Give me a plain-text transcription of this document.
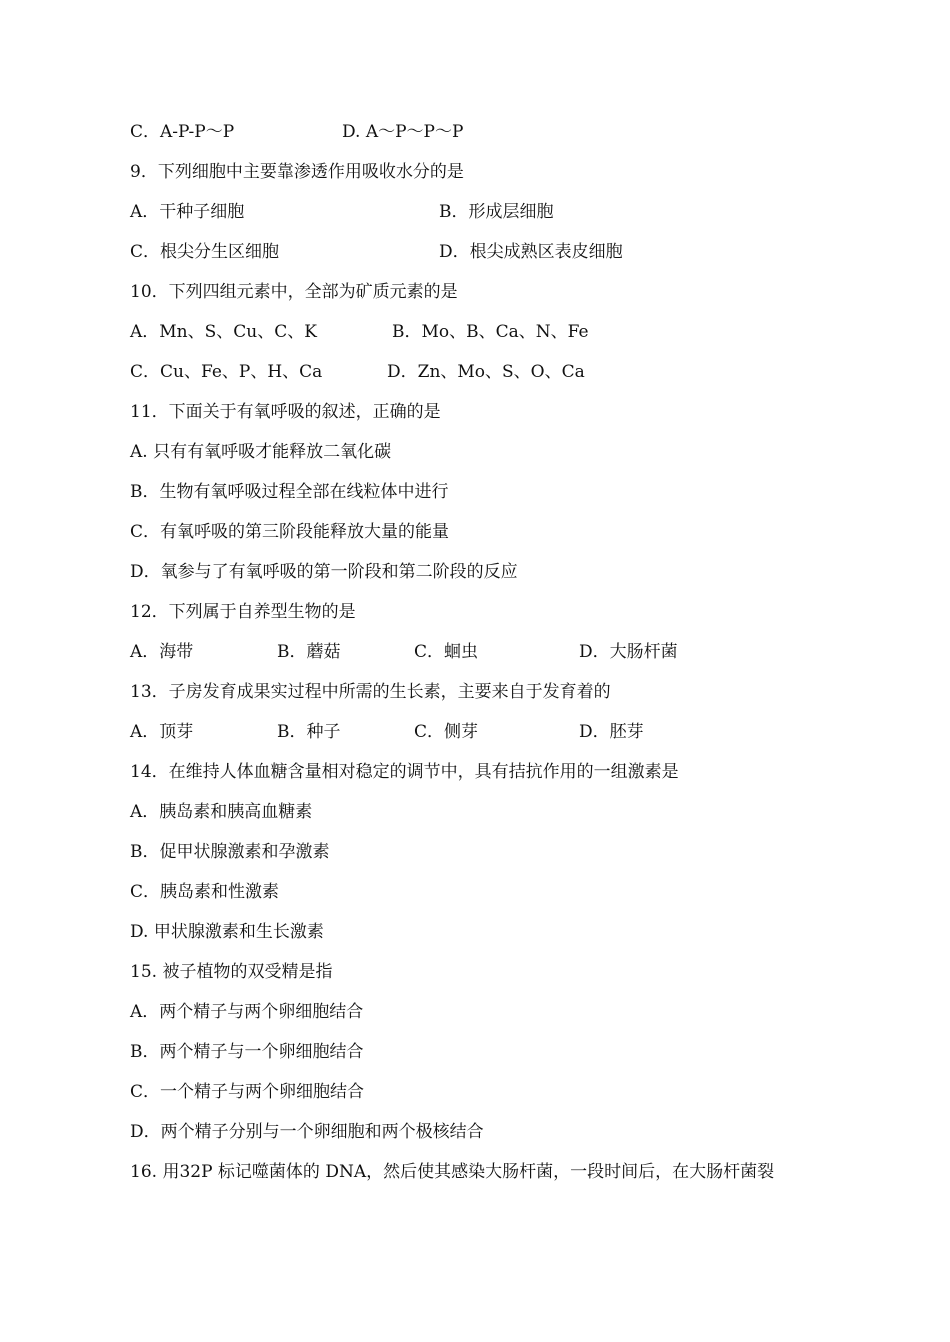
C．A-P-P～P	D. A～P～P～P
9．下列细胞中主要靠渗透作用吸收水分的是
A．干种子细胞	B．形成层细胞
C．根尖分生区细胞	D．根尖成熟区表皮细胞
10．下列四组元素中，全部为矿质元素的是
A．Mn、S、Cu、C、K	B．Mo、B、Ca、N、Fe
C．Cu、Fe、P、H、Ca	D．Zn、Mo、S、O、Ca
11．下面关于有氧呼吸的叙述，正确的是
A. 只有有氧呼吸才能释放二氧化碳
B．生物有氧呼吸过程全部在线粒体中进行
C．有氧呼吸的第三阶段能释放大量的能量
D．氧参与了有氧呼吸的第一阶段和第二阶段的反应
12．下列属于自养型生物的是
A．海带	B．蘑菇	C．蛔虫	D．大肠杆菌
13．子房发育成果实过程中所需的生长素，主要来自于发育着的
A．顶芽	B．种子	C．侧芽	D．胚芽
14．在维持人体血糖含量相对稳定的调节中，具有拮抗作用的一组激素是
A．胰岛素和胰高血糖素
B．促甲状腺激素和孕激素
C．胰岛素和性激素
D. 甲状腺激素和生长激素
15. 被子植物的双受精是指
A．两个精子与两个卵细胞结合
B．两个精子与一个卵细胞结合
C．一个精子与两个卵细胞结合
D．两个精子分别与一个卵细胞和两个极核结合
16. 用32P 标记噬菌体的 DNA，然后使其感染大肠杆菌，一段时间后，在大肠杆菌裂
